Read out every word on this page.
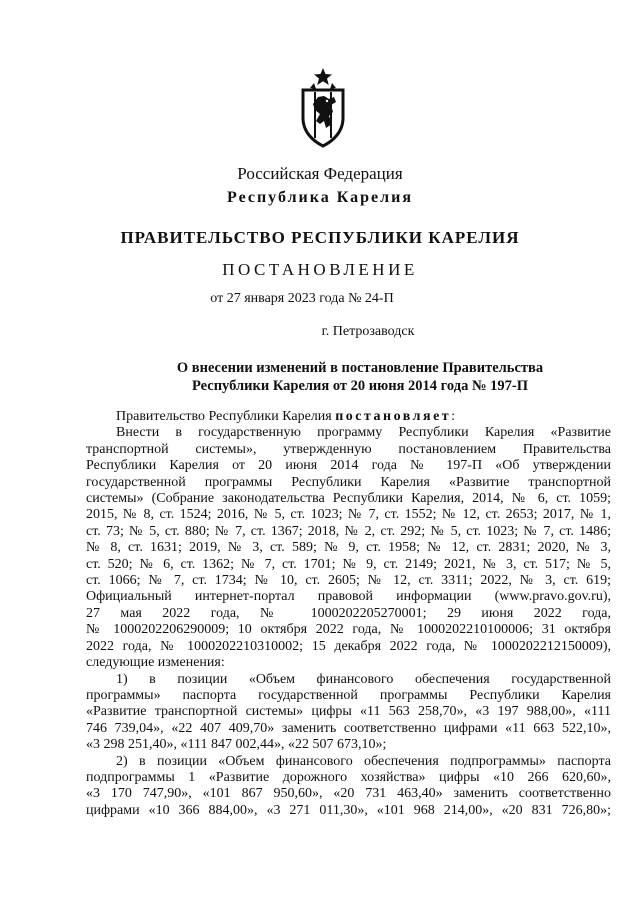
Российская Федерация
Республика Карелия
ПРАВИТЕЛЬСТВО РЕСПУБЛИКИ КАРЕЛИЯ
ПОСТАНОВЛЕНИЕ
от 27 января 2023 года № 24-П
г. Петрозаводск
О внесении изменений в постановление Правительства
Республики Карелия от 20 июня 2014 года № 197-П

Правительство Республики Карелия постановляет:

Внести в государственную программу Республики Карелия «Развитие
транспортной системы», утвержденную постановлением Правительства
Республики Карелия от 20 июня 2014 года № 197-П «Об утверждении
государственной программы Республики Карелия «Развитие транспортной
системы» (Собрание законодательства Республики Карелия, 2014, № 6, ст. 1059;
2015, № 8, ст. 1524; 2016, № 5, ст. 1023; № 7, ст. 1552; № 12, ст. 2653; 2017, № 1,
ст. 73; № 5, ст. 880; № 7, ст. 1367; 2018, № 2, ст. 292; № 5, ст. 1023; № 7, ст. 1486;
№ 8, ст. 1631; 2019, № 3, ст. 589; № 9, ст. 1958; № 12, ст. 2831; 2020, № 3,
ст. 520; № 6, ст. 1362; № 7, ст. 1701; № 9, ст. 2149; 2021, № 3, ст. 517; № 5,
ст. 1066; № 7, ст. 1734; № 10, ст. 2605; № 12, ст. 3311; 2022, № 3, ст. 619;
Официальный интернет-портал правовой информации (www.pravo.gov.ru),
27 мая 2022 года, № 1000202205270001; 29 июня 2022 года,
№ 1000202206290009; 10 октября 2022 года, № 1000202210100006; 31 октября
2022 года, № 1000202210310002; 15 декабря 2022 года, № 1000202212150009),
следующие изменения:

1) в позиции «Объем финансового обеспечения государственной
программы» паспорта государственной программы Республики Карелия
«Развитие транспортной системы» цифры «11 563 258,70», «3 197 988,00», «111
746 739,04», «22 407 409,70» заменить соответственно цифрами «11 663 522,10»,
«3 298 251,40», «111 847 002,44», «22 507 673,10»;

2) в позиции «Объем финансового обеспечения подпрограммы» паспорта
подпрограммы 1 «Развитие дорожного хозяйства» цифры «10 266 620,60»,
«3 170 747,90», «101 867 950,60», «20 731 463,40» заменить соответственно
цифрами «10 366 884,00», «3 271 011,30», «101 968 214,00», «20 831 726,80»;
